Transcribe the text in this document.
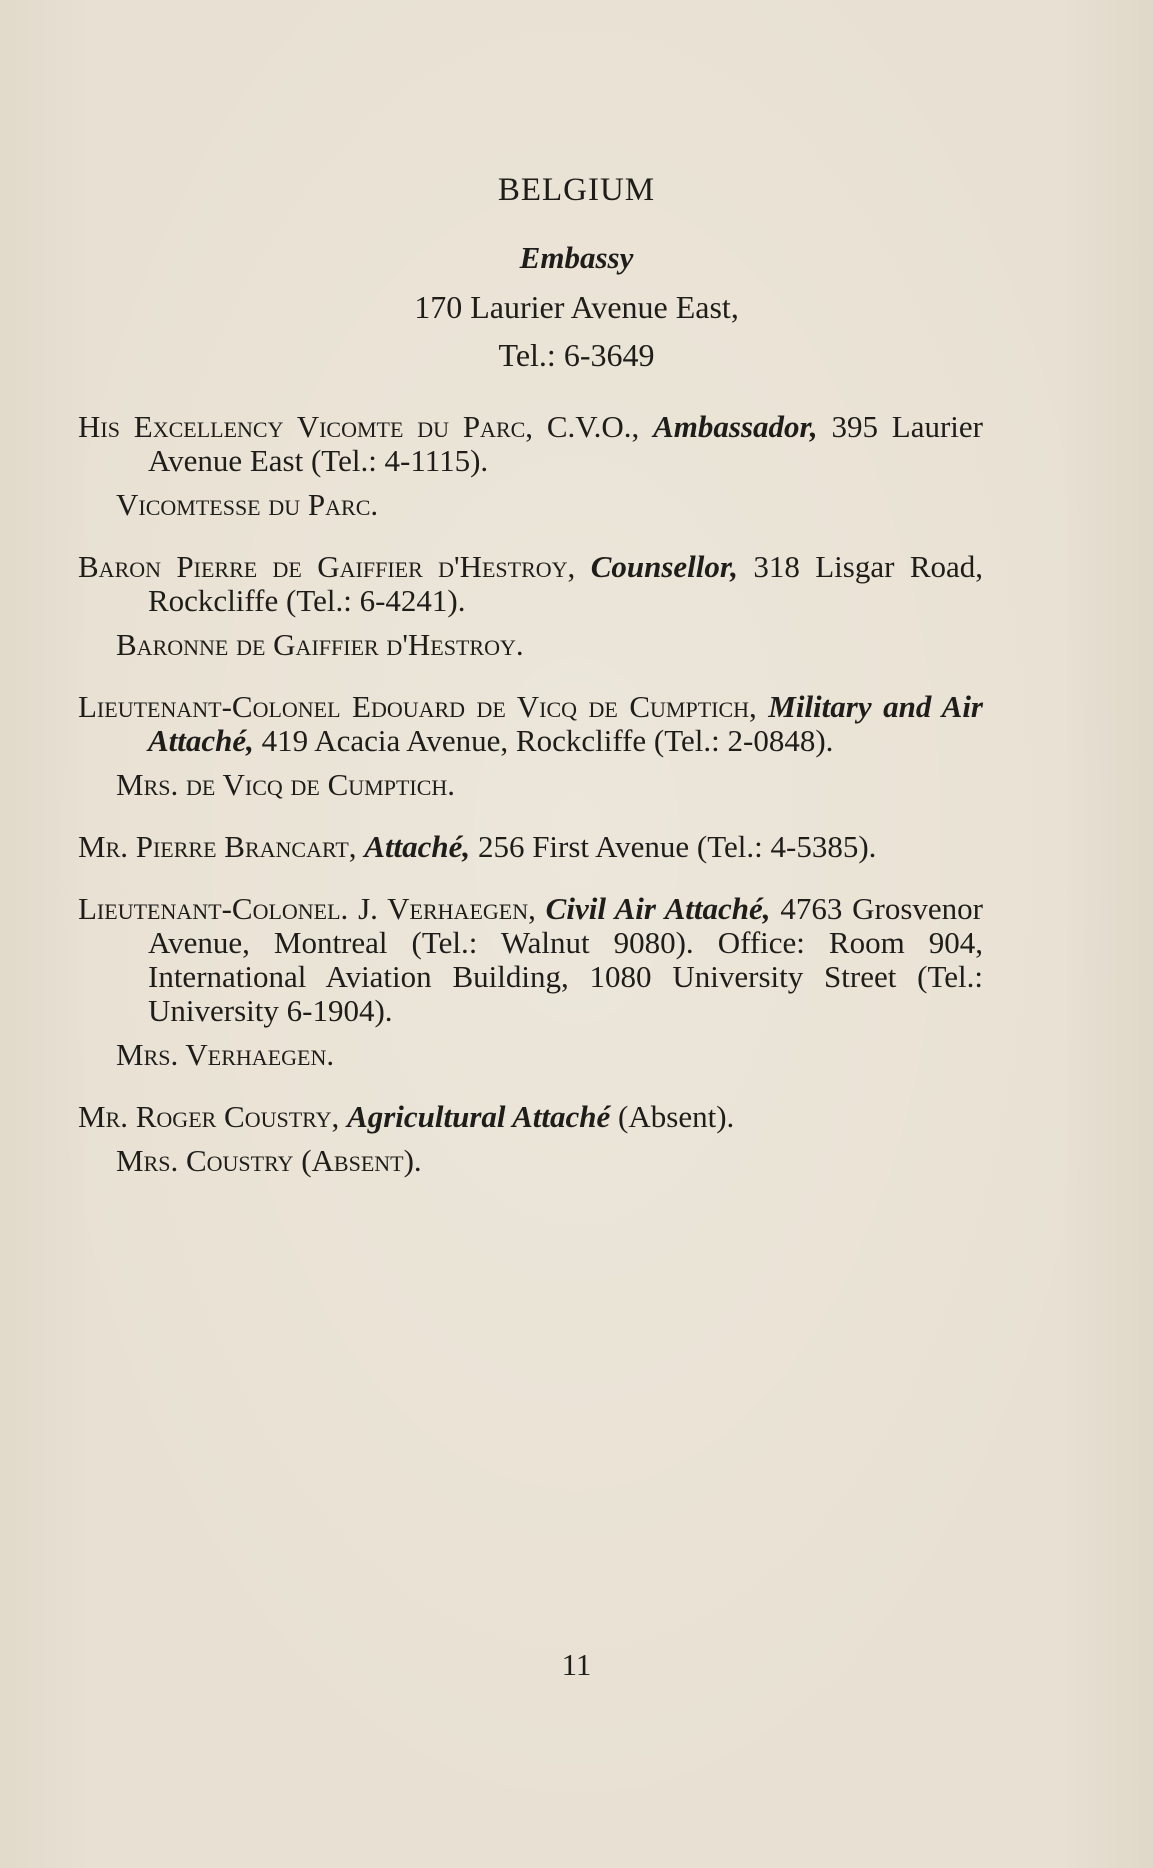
BELGIUM
Embassy
170 Laurier Avenue East,
Tel.: 6-3649
His Excellency Vicomte du Parc, C.V.O., Ambassador, 395 Laurier Avenue East (Tel.: 4-1115).
Vicomtesse du Parc.
Baron Pierre de Gaiffier d'Hestroy, Counsellor, 318 Lisgar Road, Rockcliffe (Tel.: 6-4241).
Baronne de Gaiffier d'Hestroy.
Lieutenant-Colonel Edouard de Vicq de Cumptich, Military and Air Attaché, 419 Acacia Avenue, Rockcliffe (Tel.: 2-0848).
Mrs. de Vicq de Cumptich.
Mr. Pierre Brancart, Attaché, 256 First Avenue (Tel.: 4-5385).
Lieutenant-Colonel. J. Verhaegen, Civil Air Attaché, 4763 Grosvenor Avenue, Montreal (Tel.: Walnut 9080). Office: Room 904, International Aviation Building, 1080 University Street (Tel.: University 6-1904).
Mrs. Verhaegen.
Mr. Roger Coustry, Agricultural Attaché (Absent).
Mrs. Coustry (Absent).
11
